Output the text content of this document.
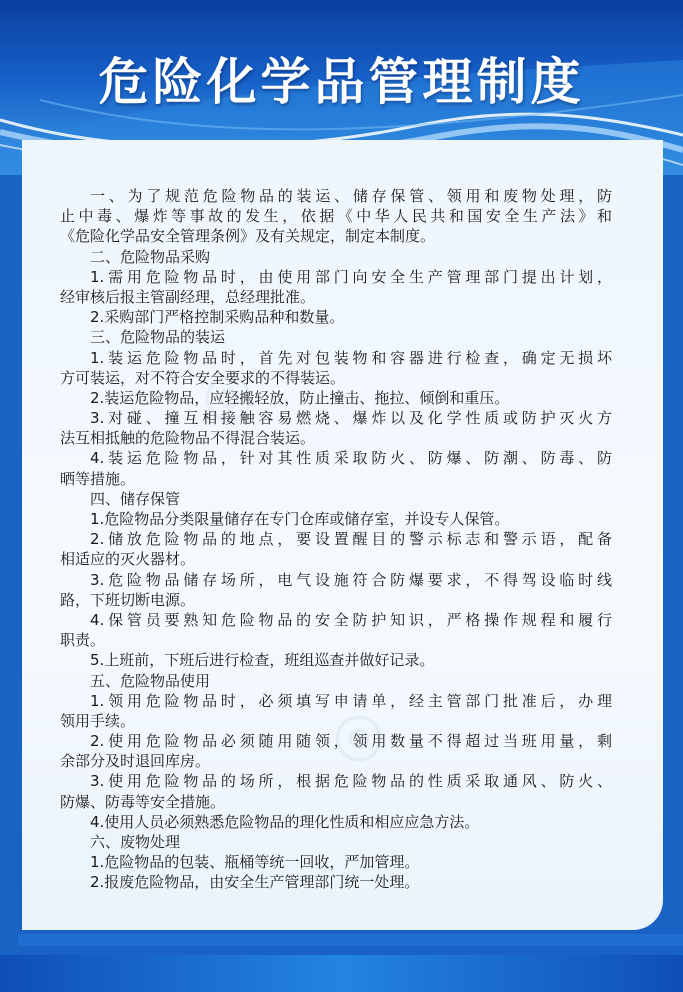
危险化学品管理制度
◎
◎
一、为了规范危险物品的装运、储存保管、领用和废物处理，防
止中毒、爆炸等事故的发生，依据《中华人民共和国安全生产法》和
《危险化学品安全管理条例》及有关规定，制定本制度。
二、危险物品采购
1.需用危险物品时，由使用部门向安全生产管理部门提出计划，
经审核后报主管副经理，总经理批准。
2.采购部门严格控制采购品种和数量。
三、危险物品的装运
1.装运危险物品时，首先对包装物和容器进行检查，确定无损坏
方可装运，对不符合安全要求的不得装运。
2.装运危险物品，应轻搬轻放，防止撞击、拖拉、倾倒和重压。
3.对碰、撞互相接触容易燃烧、爆炸以及化学性质或防护灭火方
法互相抵触的危险物品不得混合装运。
4.装运危险物品，针对其性质采取防火、防爆、防潮、防毒、防
晒等措施。
四、储存保管
1.危险物品分类限量储存在专门仓库或储存室，并设专人保管。
2.储放危险物品的地点，要设置醒目的警示标志和警示语，配备
相适应的灭火器材。
3.危险物品储存场所，电气设施符合防爆要求，不得驾设临时线
路，下班切断电源。
4.保管员要熟知危险物品的安全防护知识，严格操作规程和履行
职责。
5.上班前，下班后进行检查，班组巡查并做好记录。
五、危险物品使用
1.领用危险物品时，必须填写申请单，经主管部门批准后，办理
领用手续。
2.使用危险物品必须随用随领，领用数量不得超过当班用量，剩
余部分及时退回库房。
3.使用危险物品的场所，根据危险物品的性质采取通风、防火、
防爆、防毒等安全措施。
4.使用人员必须熟悉危险物品的理化性质和相应应急方法。
六、废物处理
1.危险物品的包装、瓶桶等统一回收，严加管理。
2.报废危险物品，由安全生产管理部门统一处理。
